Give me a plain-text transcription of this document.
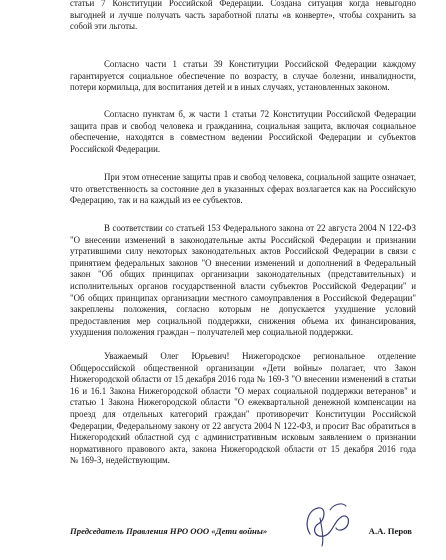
статьи 7 Конституции Российской Федерации. Создана ситуация когда невыгодно
выгодней и лучше получать часть заработной платы «в конверте», чтобы сохранить за
собой эти льготы.
Согласно части 1 статьи 39 Конституции Российской Федерации каждому
гарантируется социальное обеспечение по возрасту, в случае болезни, инвалидности,
потери кормильца, для воспитания детей и в иных случаях, установленных законом.
Согласно пунктам б, ж части 1 статьи 72 Конституции Российской Федерации
защита прав и свобод человека и гражданина, социальная защита, включая социальное
обеспечение, находятся в совместном ведении Российской Федерации и субъектов
Российской Федерации.
При этом отнесение защиты прав и свобод человека, социальной защите означает,
что ответственность за состояние дел в указанных сферах возлагается как на Российскую
Федерацию, так и на каждый из ее субъектов.
В соответствии со статьей 153 Федерального закона от 22 августа 2004 N 122-ФЗ
"О внесении изменений в законодательные акты Российской Федерации и признании
утратившими силу некоторых законодательных актов Российской Федерации в связи с
принятием федеральных законов "О внесении изменений и дополнений в Федеральный
закон "Об общих принципах организации законодательных (представительных) и
исполнительных органов государственной власти субъектов Российской Федерации" и
"Об общих принципах организации местного самоуправления в Российской Федерации"
закреплены положения, согласно которым не допускается ухудшение условий
предоставления мер социальной поддержки, снижения объема их финансирования,
ухудшения положения граждан – получателей мер социальной поддержки.
Уважаемый Олег Юрьевич! Нижегородское региональное отделение
Общероссийской общественной организации «Дети войны» полагает, что Закон
Нижегородской области от 15 декабря 2016 года № 169-З "О внесении изменений в статьи
16 и 16.1 Закона Нижегородской области "О мерах социальной поддержки ветеранов" и
статью 1 Закона Нижегородской области "О ежеквартальной денежной компенсации на
проезд для отдельных категорий граждан" противоречит Конституции Российской
Федерации, Федеральному закону от 22 августа 2004 N 122-ФЗ, и просит Вас обратиться в
Нижегородский областной суд с административным исковым заявлением о признании
нормативного правового акта, закона Нижегородской области от 15 декабря 2016 года
№ 169-З, недействующим.
Председатель Правления НРО ООО «Дети войны»	А.А. Перов
